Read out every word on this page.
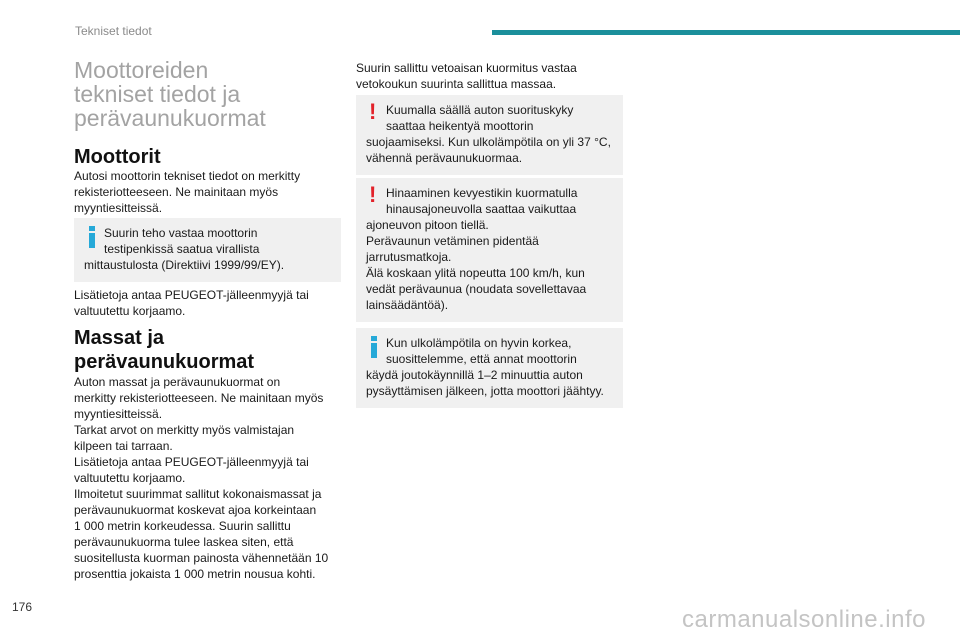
Tekniset tiedot
Moottoreiden
tekniset tiedot ja
perävaunukuormat
Moottorit

Autosi moottorin tekniset tiedot on merkitty
rekisteriotteeseen. Ne mainitaan myös
myyntiesitteissä.

Suurin teho vastaa moottorin
testipenkissä saatua virallista
mittaustulosta (Direktiivi 1999/99/EY).

Lisätietoja antaa PEUGEOT-jälleenmyyjä tai
valtuutettu korjaamo.

Massat ja
perävaunukuormat

Auton massat ja perävaunukuormat on
merkitty rekisteriotteeseen. Ne mainitaan myös
myyntiesitteissä.
Tarkat arvot on merkitty myös valmistajan
kilpeen tai tarraan.
Lisätietoja antaa PEUGEOT-jälleenmyyjä tai
valtuutettu korjaamo.
Ilmoitetut suurimmat sallitut kokonaismassat ja
perävaunukuormat koskevat ajoa korkeintaan
1 000 metrin korkeudessa. Suurin sallittu
perävaunukuorma tulee laskea siten, että
suositellusta kuorman painosta vähennetään 10
prosenttia jokaista 1 000 metrin nousua kohti.

Suurin sallittu vetoaisan kuormitus vastaa
vetokoukun suurinta sallittua massaa.

! Kuumalla säällä auton suorituskyky
saattaa heikentyä moottorin
suojaamiseksi. Kun ulkolämpötila on yli 37 °C,
vähennä perävaunukuormaa.
! Hinaaminen kevyestikin kuormatulla
hinausajoneuvolla saattaa vaikuttaa
ajoneuvon pitoon tiellä.
Perävaunun vetäminen pidentää
jarrutusmatkoja.
Älä koskaan ylitä nopeutta 100 km/h, kun
vedät perävaunua (noudata sovellettavaa
lainsäädäntöä).
Kun ulkolämpötila on hyvin korkea,
suosittelemme, että annat moottorin
käydä joutokäynnillä 1–2 minuuttia auton
pysäyttämisen jälkeen, jotta moottori jäähtyy.
176	carmanualsonline.info
